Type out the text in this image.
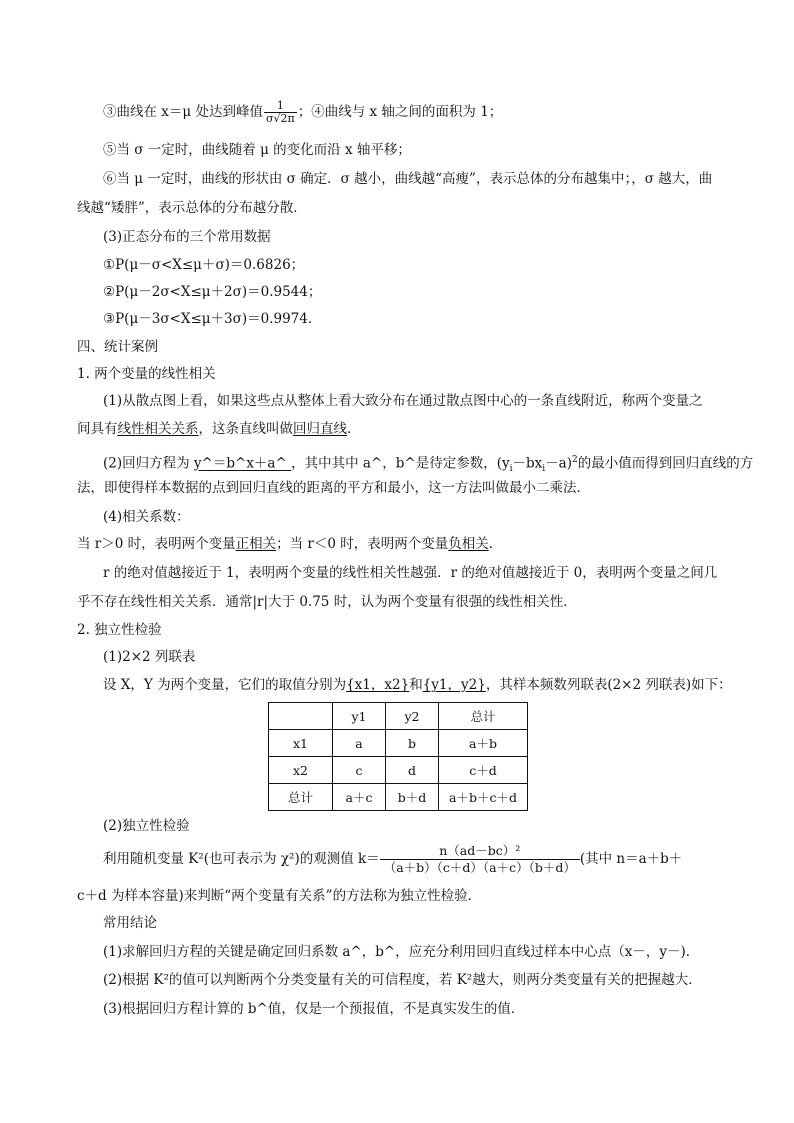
③曲线在 x＝μ 处达到峰值 $\frac{1}{\sigma√2\pi}$ ；④曲线与 x 轴之间的面积为 1；
⑤当 σ 一定时，曲线随着 μ 的变化而沿 x 轴平移；
⑥当 μ 一定时，曲线的形状由 σ 确定．σ 越小，曲线越“高瘦”，表示总体的分布越集中；，σ 越大，曲
线越“矮胖”，表示总体的分布越分散．
(3)正态分布的三个常用数据
①P(μ－σ<X≤μ＋σ)＝0.6826；
②P(μ－2σ<X≤μ＋2σ)＝0.9544；
③P(μ－3σ<X≤μ＋3σ)＝0.9974．
四、统计案例
1. 两个变量的线性相关
(1)从散点图上看，如果这些点从整体上看大致分布在通过散点图中心的一条直线附近，称两个变量之
间具有线性相关关系，这条直线叫做回归直线．
(2)回归方程为 y^＝b^x＋a^ ，其中其中 a^，b^是待定参数，$(y_i-bx_i-a)^2$的最小值而得到回归直线的方
法，即使得样本数据的点到回归直线的距离的平方和最小，这一方法叫做最小二乘法．
(4)相关系数：
当 r＞0 时，表明两个变量正相关；当 r＜0 时，表明两个变量负相关．
r 的绝对值越接近于 1，表明两个变量的线性相关性越强．r 的绝对值越接近于 0，表明两个变量之间几
乎不存在线性相关关系．通常|r|大于 0.75 时，认为两个变量有很强的线性相关性．
2. 独立性检验
(1)2×2 列联表
设 X，Y 为两个变量，它们的取值分别为{x1，x2}和{y1，y2}，其样本频数列联表(2×2 列联表)如下：
	y1	y2	总计
x1	a	b	a＋b
x2	c	d	c＋d
总计	a＋c	b＋d	a＋b＋c＋d
(2)独立性检验
利用随机变量 K²(也可表示为 χ²)的观测值 $k= \frac{\text{n（ad－bc）²}}{(a+b)(c+d)(a+c)(b+d)}$ (其中 n＝a＋b＋
c＋d 为样本容量)来判断“两个变量有关系”的方法称为独立性检验．
常用结论
(1)求解回归方程的关键是确定回归系数 a^，b^，应充分利用回归直线过样本中心点（x－，y－)．
(2)根据 K²的值可以判断两个分类变量有关的可信程度，若 K²越大，则两分类变量有关的把握越大．
(3)根据回归方程计算的 b^值，仅是一个预报值，不是真实发生的值．
